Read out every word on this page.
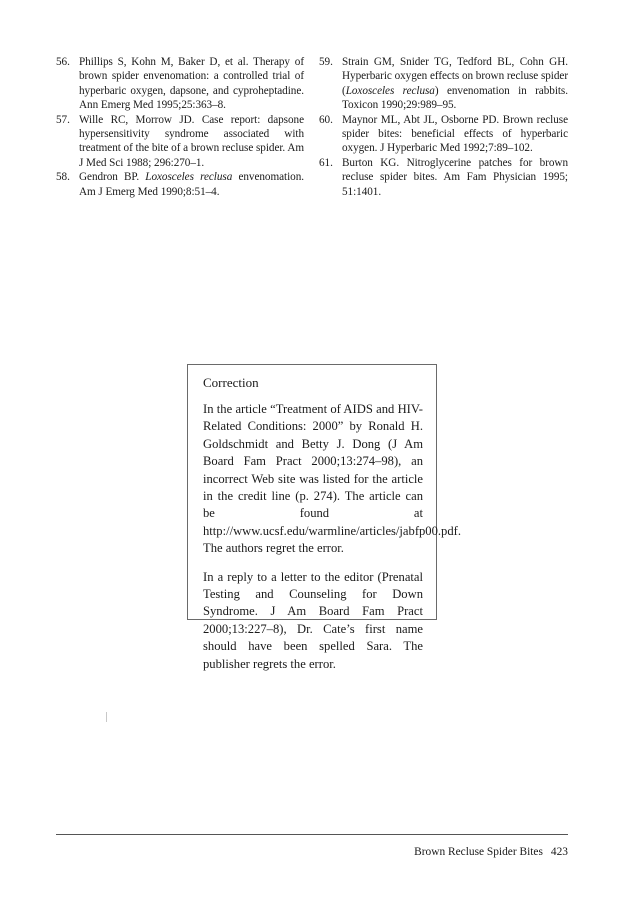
56. Phillips S, Kohn M, Baker D, et al. Therapy of brown spider envenomation: a controlled trial of hyperbaric oxygen, dapsone, and cyproheptadine. Ann Emerg Med 1995;25:363–8.
57. Wille RC, Morrow JD. Case report: dapsone hypersensitivity syndrome associated with treatment of the bite of a brown recluse spider. Am J Med Sci 1988; 296:270–1.
58. Gendron BP. Loxosceles reclusa envenomation. Am J Emerg Med 1990;8:51–4.
59. Strain GM, Snider TG, Tedford BL, Cohn GH. Hyperbaric oxygen effects on brown recluse spider (Loxosceles reclusa) envenomation in rabbits. Toxicon 1990;29:989–95.
60. Maynor ML, Abt JL, Osborne PD. Brown recluse spider bites: beneficial effects of hyperbaric oxygen. J Hyperbaric Med 1992;7:89–102.
61. Burton KG. Nitroglycerine patches for brown recluse spider bites. Am Fam Physician 1995; 51:1401.
Correction

In the article “Treatment of AIDS and HIV-Related Conditions: 2000” by Ronald H. Goldschmidt and Betty J. Dong (J Am Board Fam Pract 2000;13:274–98), an incorrect Web site was listed for the article in the credit line (p. 274). The article can be found at http://www.ucsf.edu/warmline/articles/jabfp00.pdf. The authors regret the error.

In a reply to a letter to the editor (Prenatal Testing and Counseling for Down Syndrome. J Am Board Fam Pract 2000;13:227–8), Dr. Cate’s first name should have been spelled Sara. The publisher regrets the error.

Brown Recluse Spider Bites 423
